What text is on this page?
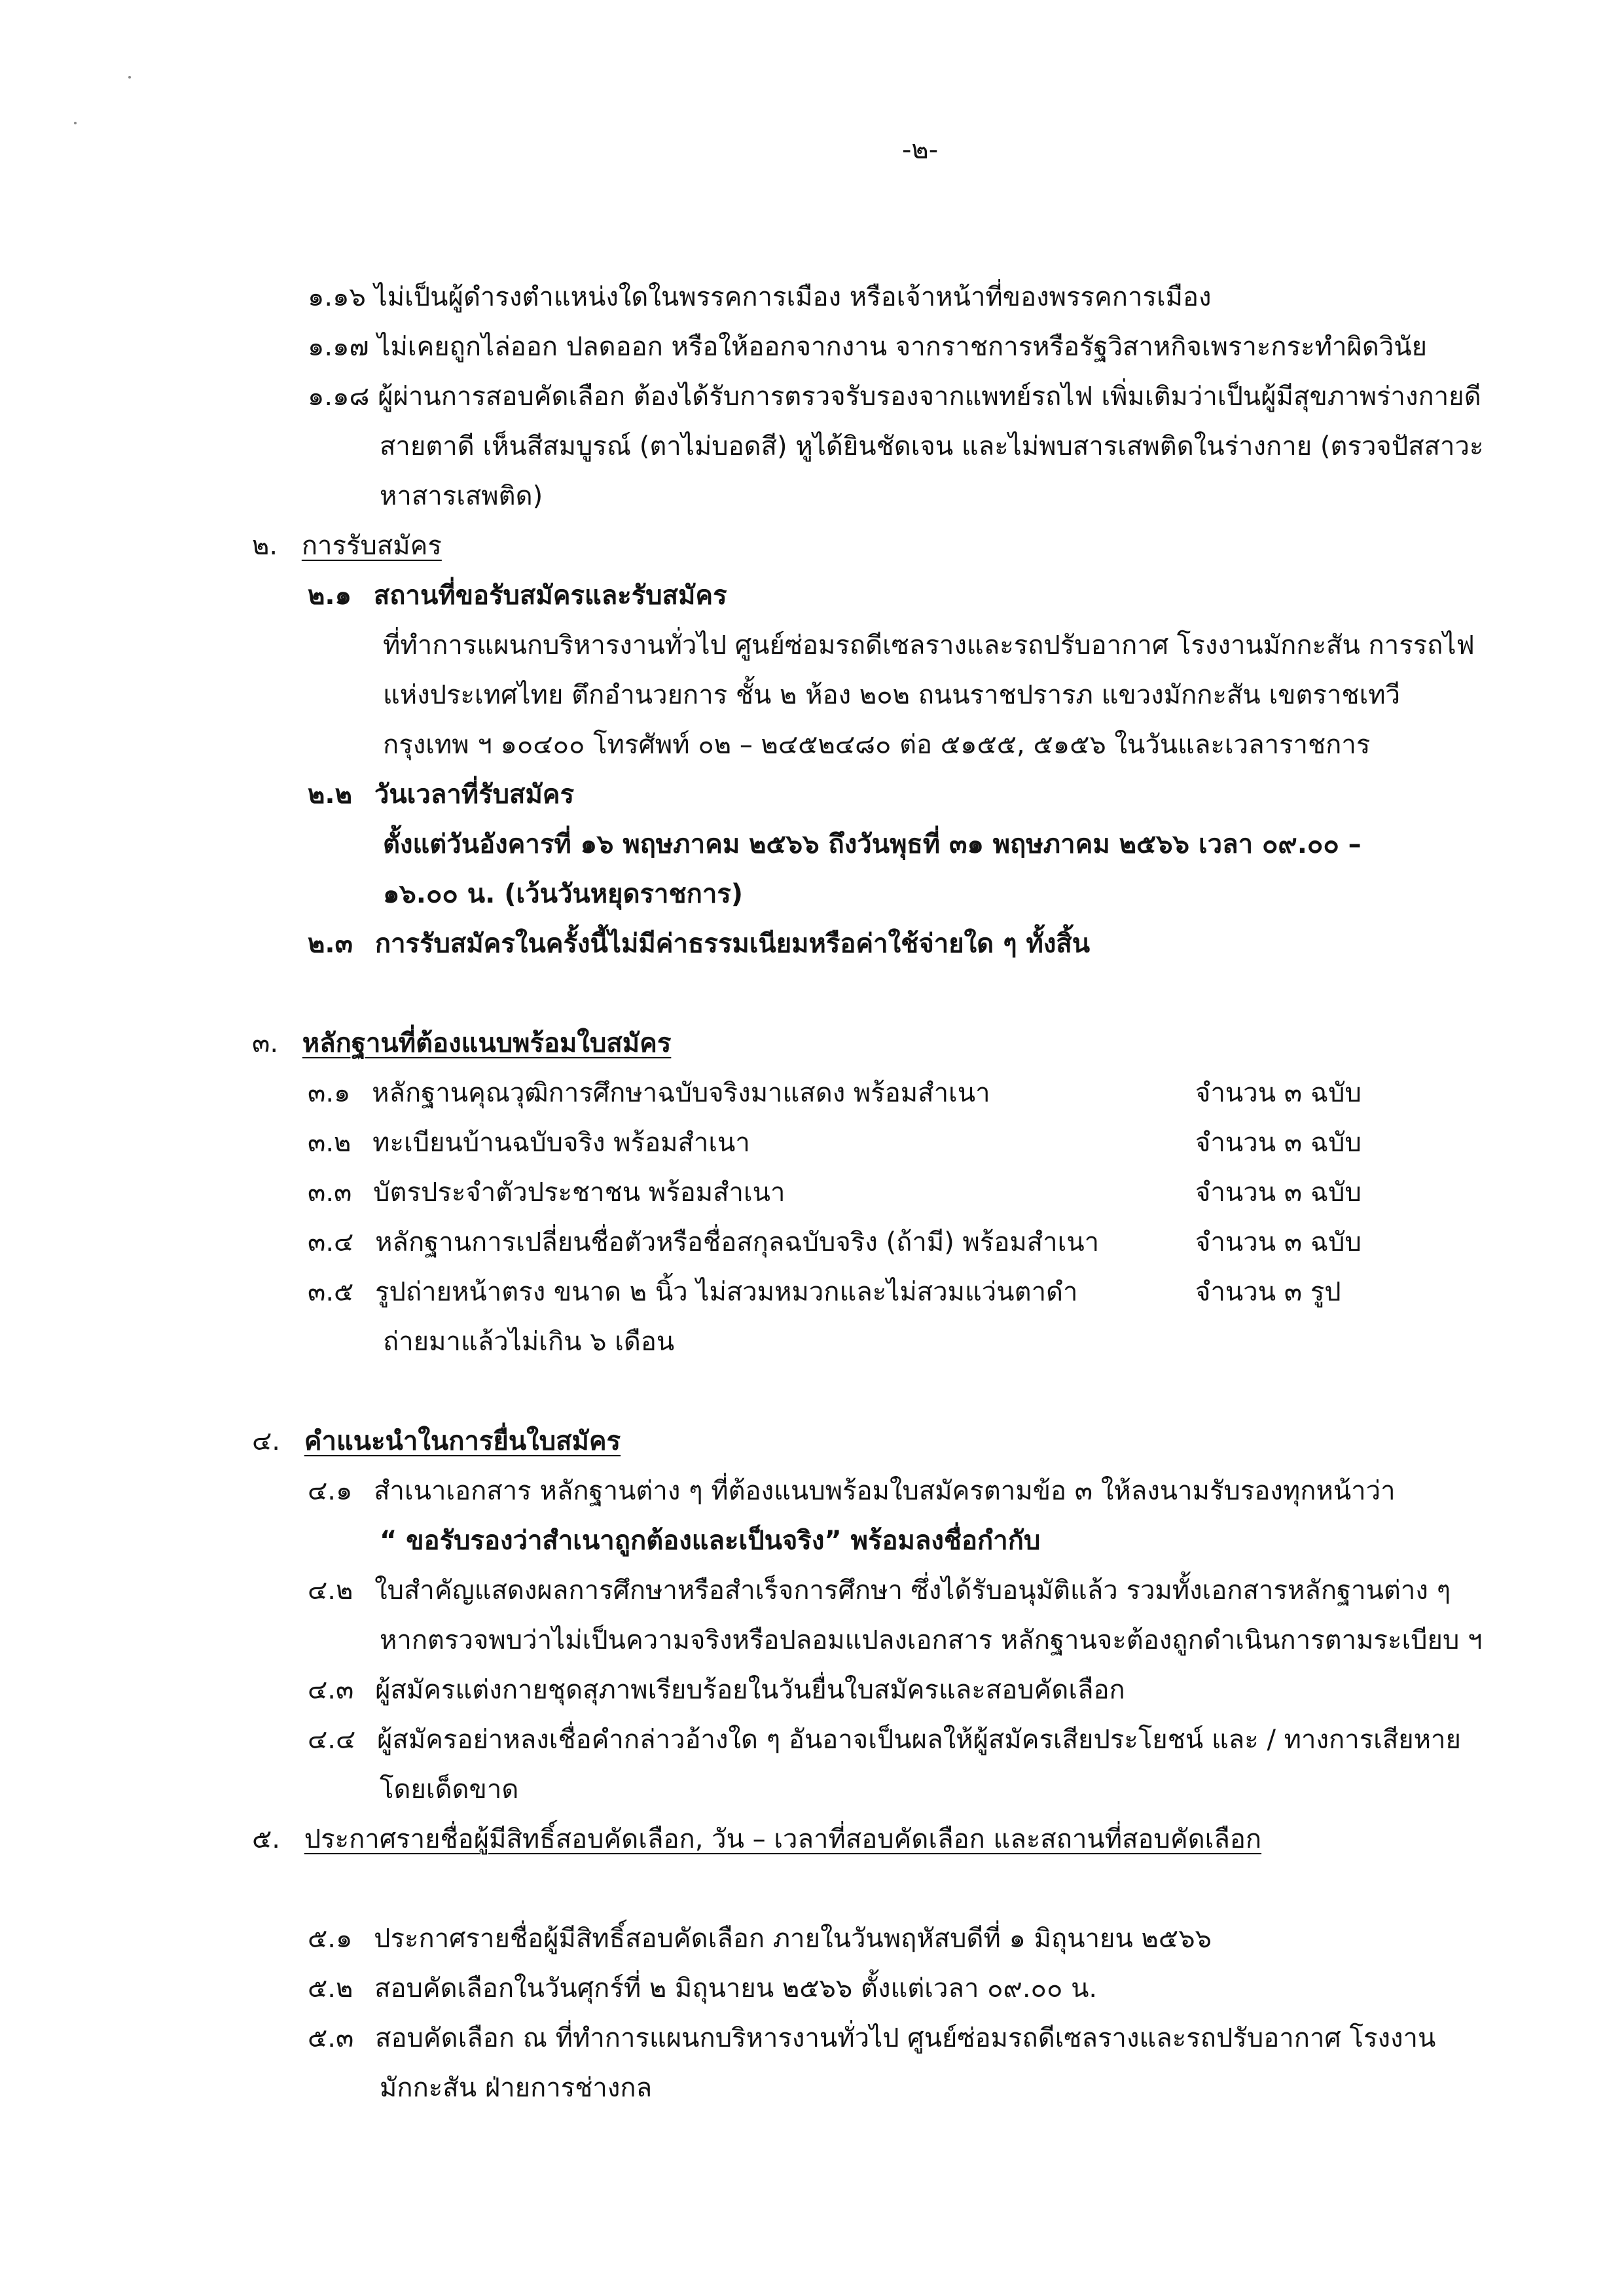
-๒-
๑.๑๖ ไม่เป็นผู้ดำรงตำแหน่งใดในพรรคการเมือง หรือเจ้าหน้าที่ของพรรคการเมือง
๑.๑๗ ไม่เคยถูกไล่ออก ปลดออก หรือให้ออกจากงาน จากราชการหรือรัฐวิสาหกิจเพราะกระทำผิดวินัย
๑.๑๘ ผู้ผ่านการสอบคัดเลือก ต้องได้รับการตรวจรับรองจากแพทย์รถไฟ เพิ่มเติมว่าเป็นผู้มีสุขภาพร่างกายดี
สายตาดี เห็นสีสมบูรณ์ (ตาไม่บอดสี) หูได้ยินชัดเจน และไม่พบสารเสพติดในร่างกาย (ตรวจปัสสาวะ
หาสารเสพติด)
๒. การรับสมัคร
๒.๑ สถานที่ขอรับสมัครและรับสมัคร
ที่ทำการแผนกบริหารงานทั่วไป ศูนย์ซ่อมรถดีเซลรางและรถปรับอากาศ โรงงานมักกะสัน การรถไฟ
แห่งประเทศไทย ตึกอำนวยการ ชั้น ๒ ห้อง ๒๐๒ ถนนราชปรารภ แขวงมักกะสัน เขตราชเทวี
กรุงเทพ ฯ ๑๐๔๐๐ โทรศัพท์ ๐๒ – ๒๔๕๒๔๘๐ ต่อ ๕๑๕๕, ๕๑๕๖ ในวันและเวลาราชการ
๒.๒ วันเวลาที่รับสมัคร
ตั้งแต่วันอังคารที่ ๑๖ พฤษภาคม ๒๕๖๖ ถึงวันพุธที่ ๓๑ พฤษภาคม ๒๕๖๖ เวลา ๐๙.๐๐ –
๑๖.๐๐ น. (เว้นวันหยุดราชการ)
๒.๓ การรับสมัครในครั้งนี้ไม่มีค่าธรรมเนียมหรือค่าใช้จ่ายใด ๆ ทั้งสิ้น
๓. หลักฐานที่ต้องแนบพร้อมใบสมัคร
๓.๑ หลักฐานคุณวุฒิการศึกษาฉบับจริงมาแสดง พร้อมสำเนา	จำนวน ๓ ฉบับ
๓.๒ ทะเบียนบ้านฉบับจริง พร้อมสำเนา	จำนวน ๓ ฉบับ
๓.๓ บัตรประจำตัวประชาชน พร้อมสำเนา	จำนวน ๓ ฉบับ
๓.๔ หลักฐานการเปลี่ยนชื่อตัวหรือชื่อสกุลฉบับจริง (ถ้ามี) พร้อมสำเนา	จำนวน ๓ ฉบับ
๓.๕ รูปถ่ายหน้าตรง ขนาด ๒ นิ้ว ไม่สวมหมวกและไม่สวมแว่นตาดำ	จำนวน ๓ รูป
ถ่ายมาแล้วไม่เกิน ๖ เดือน
๔. คำแนะนำในการยื่นใบสมัคร
๔.๑ สำเนาเอกสาร หลักฐานต่าง ๆ ที่ต้องแนบพร้อมใบสมัครตามข้อ ๓ ให้ลงนามรับรองทุกหน้าว่า
“ ขอรับรองว่าสำเนาถูกต้องและเป็นจริง” พร้อมลงชื่อกำกับ
๔.๒ ใบสำคัญแสดงผลการศึกษาหรือสำเร็จการศึกษา ซึ่งได้รับอนุมัติแล้ว รวมทั้งเอกสารหลักฐานต่าง ๆ
หากตรวจพบว่าไม่เป็นความจริงหรือปลอมแปลงเอกสาร หลักฐานจะต้องถูกดำเนินการตามระเบียบ ฯ
๔.๓ ผู้สมัครแต่งกายชุดสุภาพเรียบร้อยในวันยื่นใบสมัครและสอบคัดเลือก
๔.๔ ผู้สมัครอย่าหลงเชื่อคำกล่าวอ้างใด ๆ อันอาจเป็นผลให้ผู้สมัครเสียประโยชน์ และ / ทางการเสียหาย
โดยเด็ดขาด
๕. ประกาศรายชื่อผู้มีสิทธิ์สอบคัดเลือก, วัน – เวลาที่สอบคัดเลือก และสถานที่สอบคัดเลือก
๕.๑ ประกาศรายชื่อผู้มีสิทธิ์สอบคัดเลือก ภายในวันพฤหัสบดีที่ ๑ มิถุนายน ๒๕๖๖
๕.๒ สอบคัดเลือกในวันศุกร์ที่ ๒ มิถุนายน ๒๕๖๖ ตั้งแต่เวลา ๐๙.๐๐ น.
๕.๓ สอบคัดเลือก ณ ที่ทำการแผนกบริหารงานทั่วไป ศูนย์ซ่อมรถดีเซลรางและรถปรับอากาศ โรงงาน
มักกะสัน ฝ่ายการช่างกล
